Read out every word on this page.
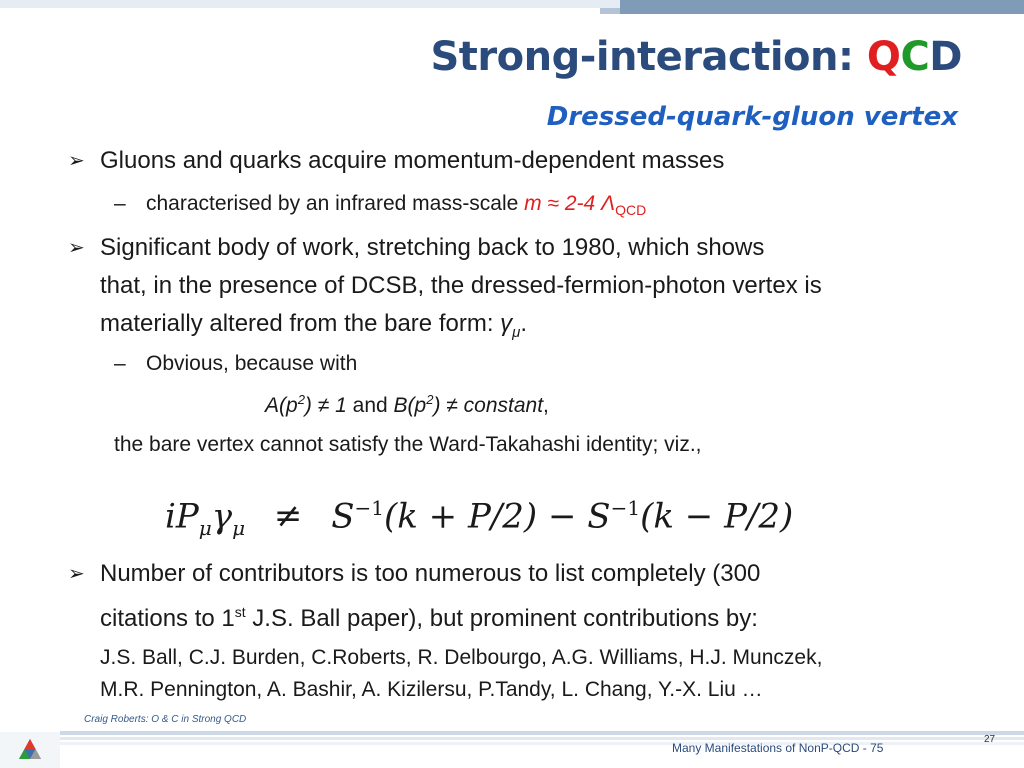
Strong-interaction: QCD
Dressed-quark-gluon vertex
➢ Gluons and quarks acquire momentum-dependent masses
– characterised by an infrared mass-scale m ≈ 2-4 $\Lambda_{QCD}$
➢ Significant body of work, stretching back to 1980, which shows
that, in the presence of DCSB, the dressed-fermion-photon vertex is
materially altered from the bare form: $\gamma_\mu$.
– Obvious, because with
$A(p^2) \ne 1$ and $B(p^2)$ ≠ constant,
the bare vertex cannot satisfy the Ward-Takahashi identity; viz.,
$iP_\mu\gamma_\mu \ne S^{-1}(k + P/2) - S^{-1}(k - P/2)$
➢ Number of contributors is too numerous to list completely (300
citations to 1st J.S. Ball paper), but prominent contributions by:
J.S. Ball, C.J. Burden, C.Roberts, R. Delbourgo, A.G. Williams, H.J. Munczek,
M.R. Pennington, A. Bashir, A. Kizilersu, P.Tandy, L. Chang, Y.-X. Liu …
Craig Roberts: O & C in Strong QCD
Many Manifestations of NonP-QCD - 75
27
